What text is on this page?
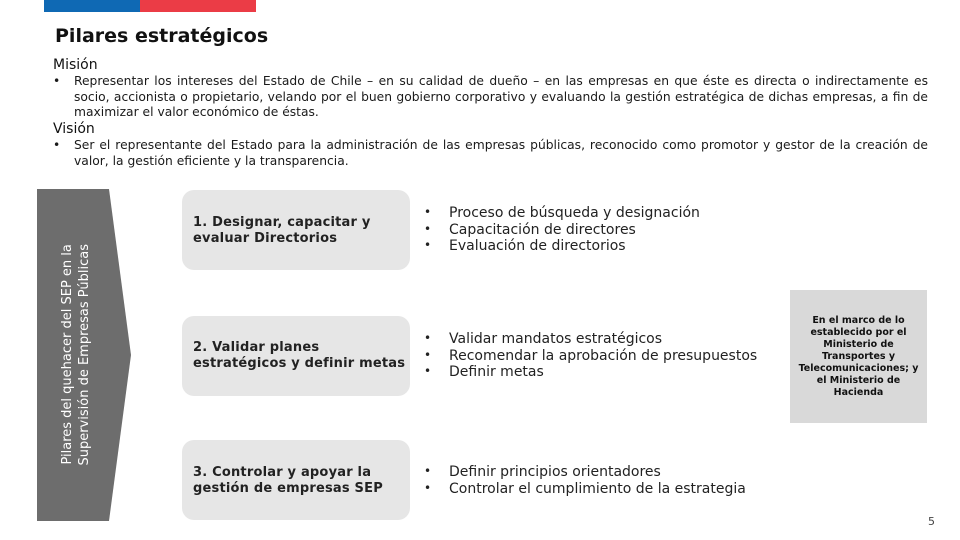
Pilares estratégicos
Misión
• Representar los intereses del Estado de Chile – en su calidad de dueño – en las empresas en que éste es directa o indirectamente es socio, accionista o propietario, velando por el buen gobierno corporativo y evaluando la gestión estratégica de dichas empresas, a fin de maximizar el valor económico de éstas.
Visión
• Ser el representante del Estado para la administración de las empresas públicas, reconocido como promotor y gestor de la creación de valor, la gestión eficiente y la transparencia.
Pilares del quehacer del SEP en la Supervisión de Empresas Públicas
1. Designar, capacitar y
evaluar Directorios
• Proceso de búsqueda y designación
• Capacitación de directores
• Evaluación de directorios
2. Validar planes
estratégicos y definir metas
• Validar mandatos estratégicos
• Recomendar la aprobación de presupuestos
• Definir metas
3. Controlar y apoyar la
gestión de empresas SEP
• Definir principios orientadores
• Controlar el cumplimiento de la estrategia
En el marco de lo establecido por el Ministerio de Transportes y Telecomunicaciones; y el Ministerio de Hacienda
5
